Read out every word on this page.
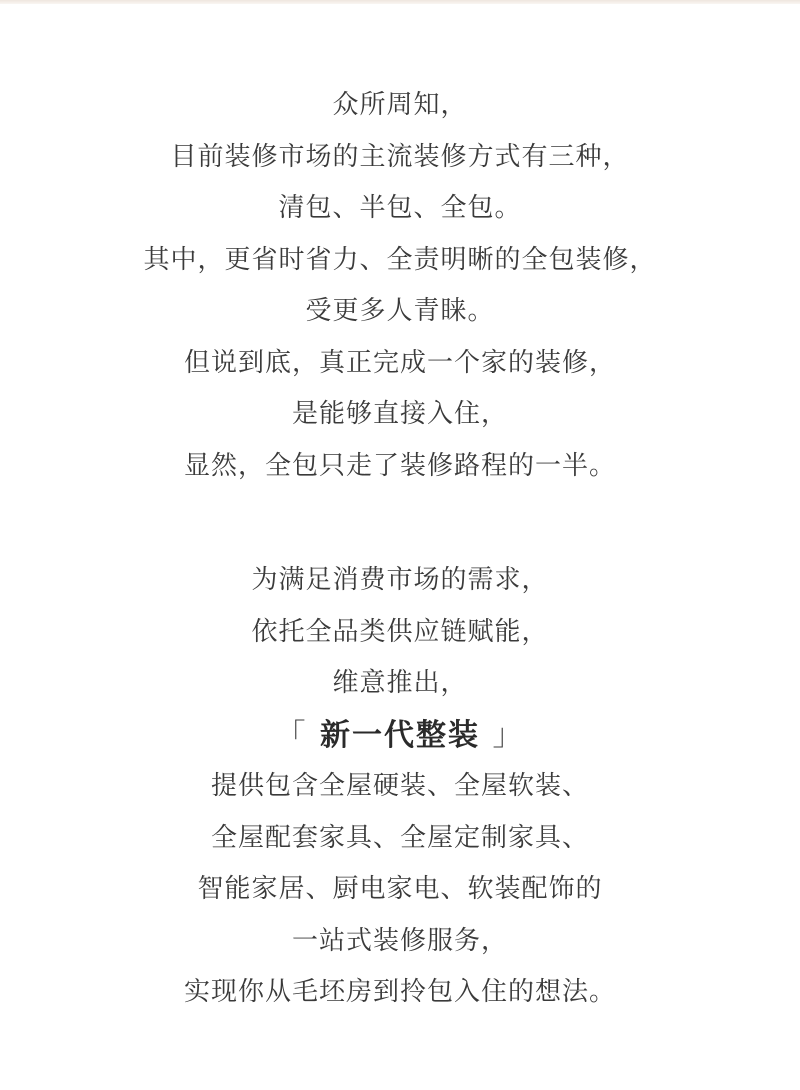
众所周知，
目前装修市场的主流装修方式有三种，
清包、半包、全包。
其中，更省时省力、全责明晰的全包装修，
受更多人青睐。
但说到底，真正完成一个家的装修，
是能够直接入住，
显然，全包只走了装修路程的一半。
为满足消费市场的需求，
依托全品类供应链赋能，
维意推出，
「 新一代整装 」
提供包含全屋硬装、全屋软装、
全屋配套家具、全屋定制家具、
智能家居、厨电家电、软装配饰的
一站式装修服务，
实现你从毛坯房到拎包入住的想法。
